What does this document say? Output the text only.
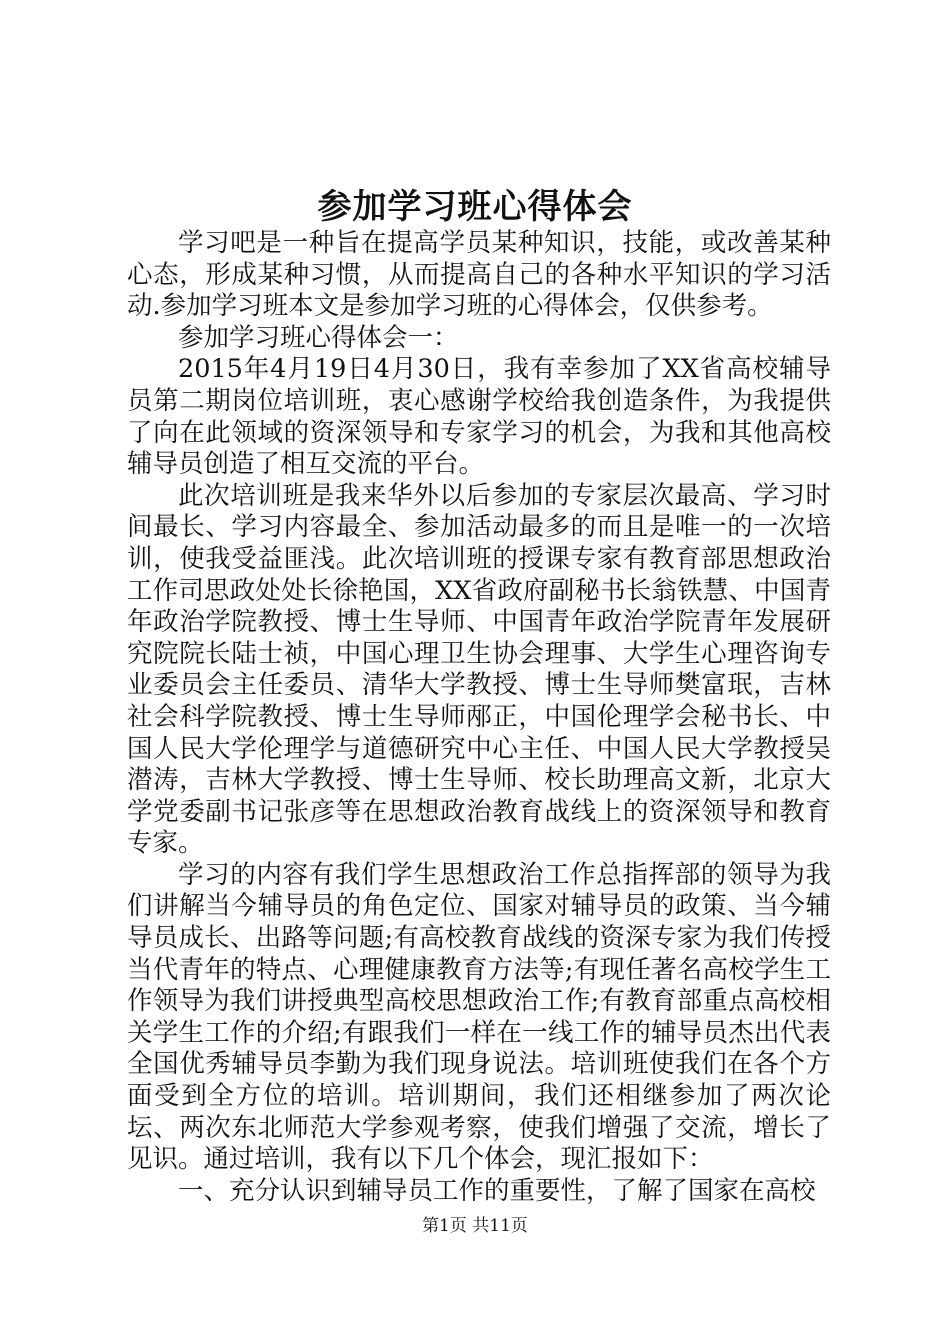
参加学习班心得体会

学习吧是一种旨在提高学员某种知识，技能，或改善某种心态，形成某种习惯，从而提高自己的各种水平知识的学习活动.参加学习班本文是参加学习班的心得体会，仅供参考。

参加学习班心得体会一：

2015年4月19日4月30日，我有幸参加了XX省高校辅导员第二期岗位培训班，衷心感谢学校给我创造条件，为我提供了向在此领域的资深领导和专家学习的机会，为我和其他高校辅导员创造了相互交流的平台。

此次培训班是我来华外以后参加的专家层次最高、学习时间最长、学习内容最全、参加活动最多的而且是唯一的一次培训，使我受益匪浅。此次培训班的授课专家有教育部思想政治工作司思政处处长徐艳国，XX省政府副秘书长翁铁慧、中国青年政治学院教授、博士生导师、中国青年政治学院青年发展研究院院长陆士祯，中国心理卫生协会理事、大学生心理咨询专业委员会主任委员、清华大学教授、博士生导师樊富珉，吉林社会科学院教授、博士生导师邴正，中国伦理学会秘书长、中国人民大学伦理学与道德研究中心主任、中国人民大学教授吴潜涛，吉林大学教授、博士生导师、校长助理高文新，北京大学党委副书记张彦等在思想政治教育战线上的资深领导和教育专家。

学习的内容有我们学生思想政治工作总指挥部的领导为我们讲解当今辅导员的角色定位、国家对辅导员的政策、当今辅导员成长、出路等问题;有高校教育战线的资深专家为我们传授当代青年的特点、心理健康教育方法等;有现任著名高校学生工作领导为我们讲授典型高校思想政治工作;有教育部重点高校相关学生工作的介绍;有跟我们一样在一线工作的辅导员杰出代表全国优秀辅导员李勤为我们现身说法。培训班使我们在各个方面受到全方位的培训。培训期间，我们还相继参加了两次论坛、两次东北师范大学参观考察，使我们增强了交流，增长了见识。通过培训，我有以下几个体会，现汇报如下：

一、充分认识到辅导员工作的重要性，了解了国家在高校

第1页 共11页
